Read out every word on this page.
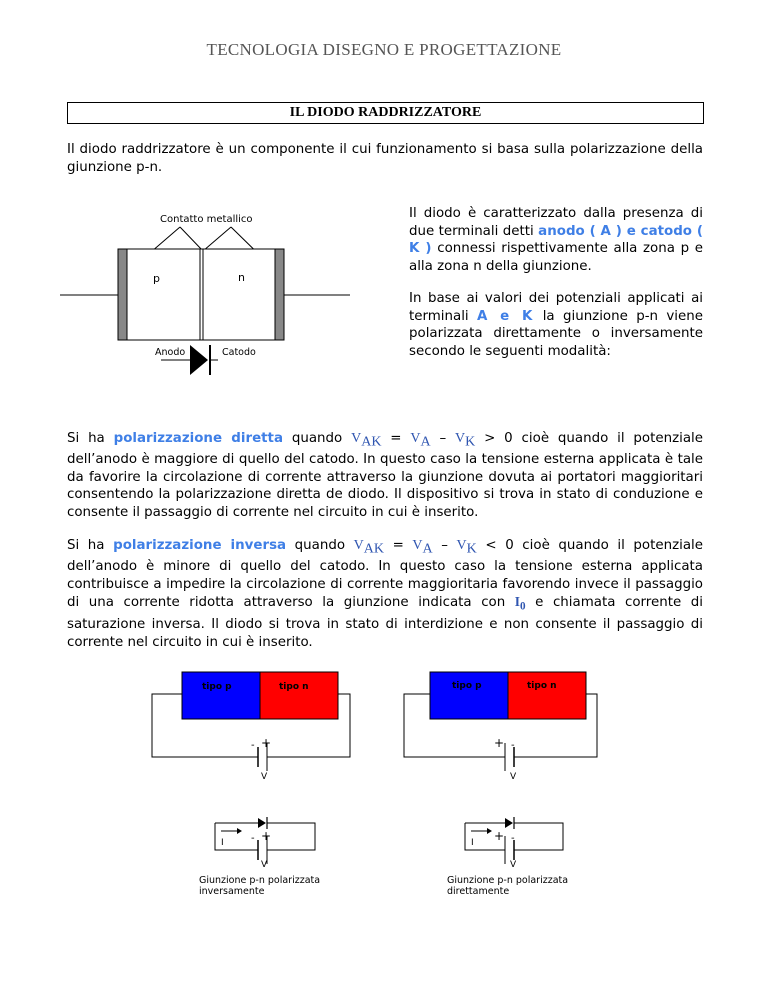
TECNOLOGIA DISEGNO E PROGETTAZIONE
IL DIODO RADDRIZZATORE

Il diodo raddrizzatore è un componente il cui funzionamento si basa sulla polarizzazione della giunzione p-n.

Contatto metallico
p	n
Anodo	Catodo

Il diodo è caratterizzato dalla presenza di due terminali detti anodo ( A ) e catodo ( K ) connessi rispettivamente alla zona p e alla zona n della giunzione.

In base ai valori dei potenziali applicati ai terminali A e K la giunzione p-n viene polarizzata direttamente o inversamente secondo le seguenti modalità:

Si ha polarizzazione diretta quando $V_{AK} = V_A - V_K > 0$ cioè quando il potenziale dell’anodo è maggiore di quello del catodo. In questo caso la tensione esterna applicata è tale da favorire la circolazione di corrente attraverso la giunzione dovuta ai portatori maggioritari consentendo la polarizzazione diretta de diodo. Il dispositivo si trova in stato di conduzione e consente il passaggio di corrente nel circuito in cui è inserito.

Si ha polarizzazione inversa quando $V_{AK} = V_A - V_K < 0$ cioè quando il potenziale dell’anodo è minore di quello del catodo. In questo caso la tensione esterna applicata contribuisce a impedire la circolazione di corrente maggioritaria favorendo invece il passaggio di una corrente ridotta attraverso la giunzione indicata con $I_0$ e chiamata corrente di saturazione inversa. Il diodo si trova in stato di interdizione e non consente il passaggio di corrente nel circuito in cui è inserito.

tipo p	tipo n
- +
V
I	- +
V
Giunzione p-n polarizzata
inversamente
tipo p	tipo n
+ -
V
I + -
V
Giunzione p-n polarizzata
direttamente
